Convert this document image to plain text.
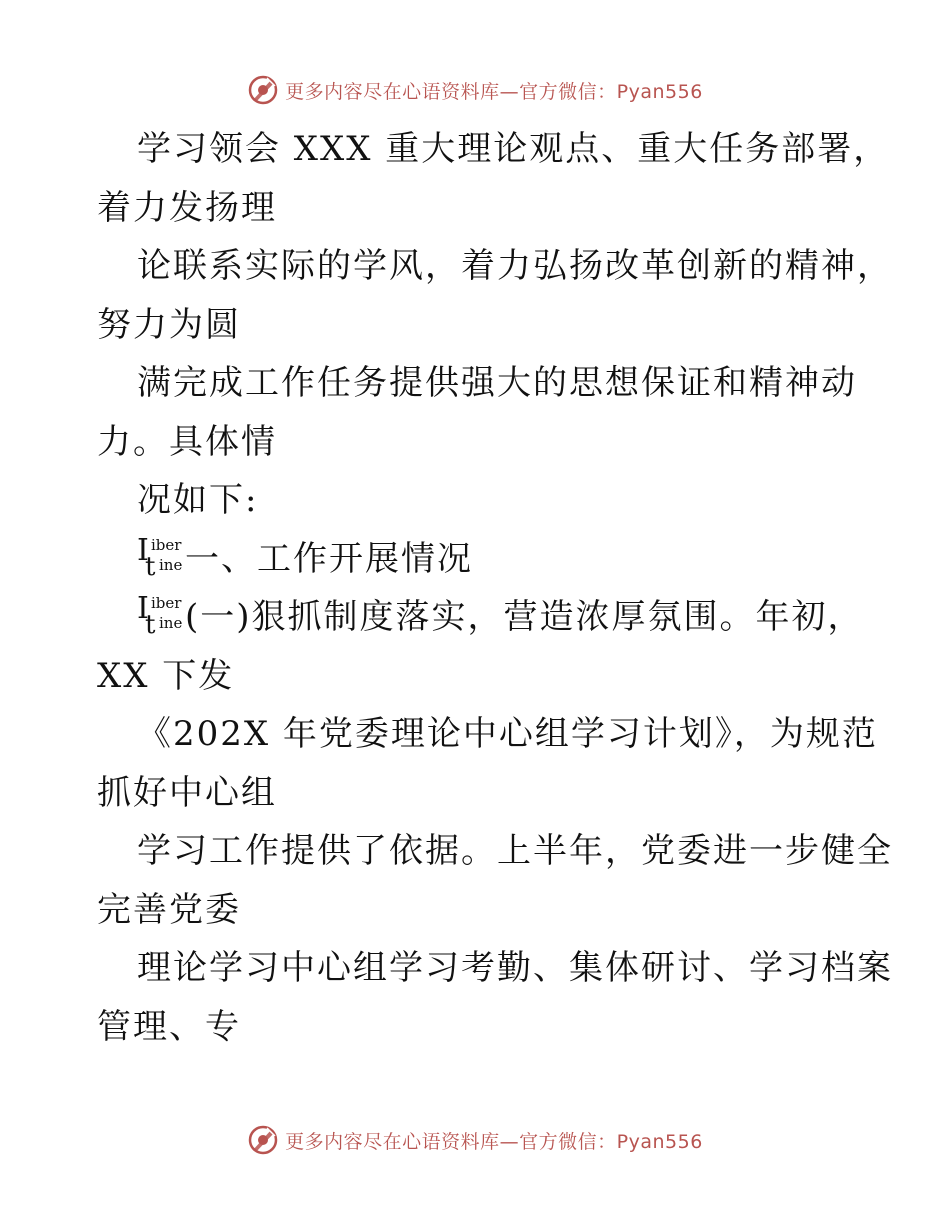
更多内容尽在心语资料库—官方微信：Pyan556
学习领会 XXX 重大理论观点、重大任务部署，
着力发扬理
论联系实际的学风，着力弘扬改革创新的精神，
努力为圆
满完成工作任务提供强大的思想保证和精神动
力。具体情
况如下:
I
t
iber
ine 一、工作开展情况
I
t
iber
ine (一)狠抓制度落实，营造浓厚氛围。年初，
XX 下发
《202X 年党委理论中心组学习计划》，为规范
抓好中心组
学习工作提供了依据。上半年，党委进一步健全
完善党委
理论学习中心组学习考勤、集体研讨、学习档案
管理、专
更多内容尽在心语资料库—官方微信：Pyan556
